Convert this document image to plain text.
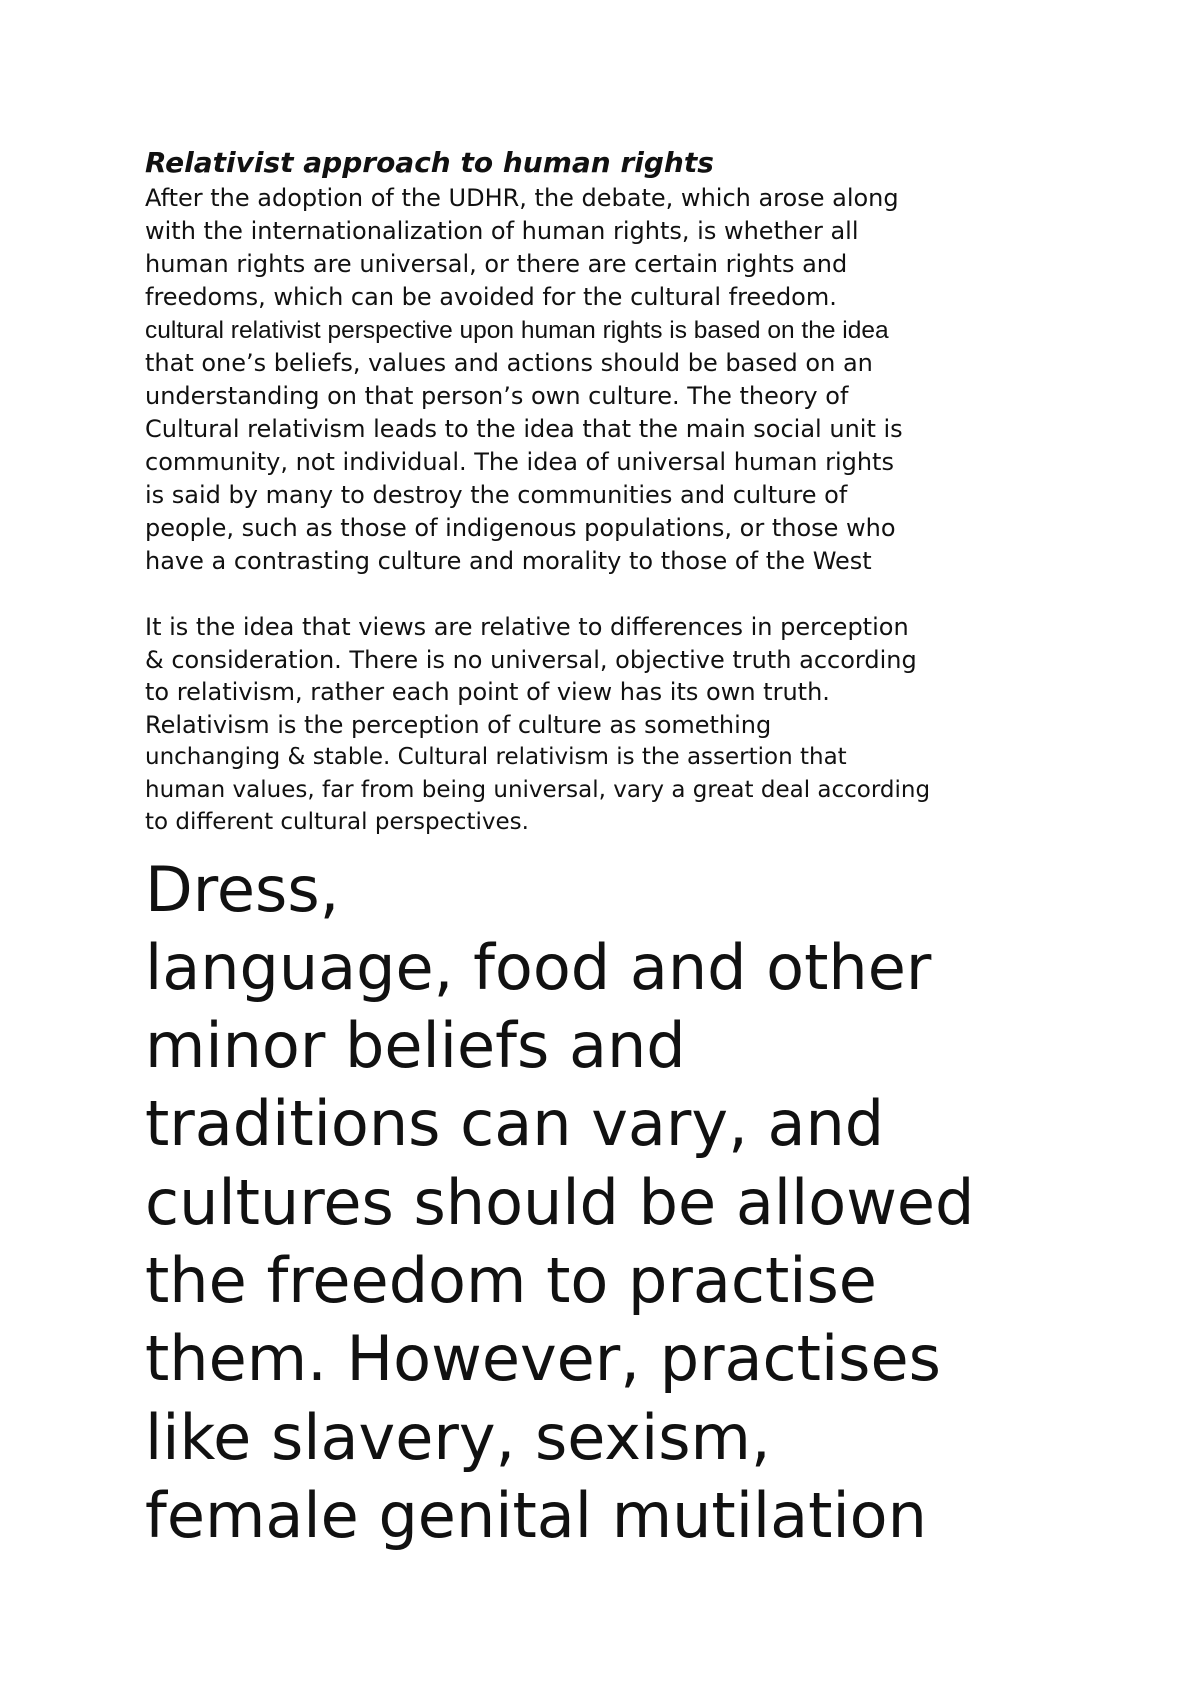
Relativist approach to human rights
After the adoption of the UDHR, the debate, which arose along
with the internationalization of human rights, is whether all
human rights are universal, or there are certain rights and
freedoms, which can be avoided for the cultural freedom.
cultural relativist perspective upon human rights is based on the idea
that one’s beliefs, values and actions should be based on an
understanding on that person’s own culture. The theory of
Cultural relativism leads to the idea that the main social unit is
community, not individual. The idea of universal human rights
is said by many to destroy the communities and culture of
people, such as those of indigenous populations, or those who
have a contrasting culture and morality to those of the West
It is the idea that views are relative to differences in perception
& consideration. There is no universal, objective truth according
to relativism, rather each point of view has its own truth.
Relativism is the perception of culture as something
unchanging & stable. Cultural relativism is the assertion that
human values, far from being universal, vary a great deal according
to different cultural perspectives.
Dress,
language, food and other
minor beliefs and
traditions can vary, and
cultures should be allowed
the freedom to practise
them. However, practises
like slavery, sexism,
female genital mutilation
